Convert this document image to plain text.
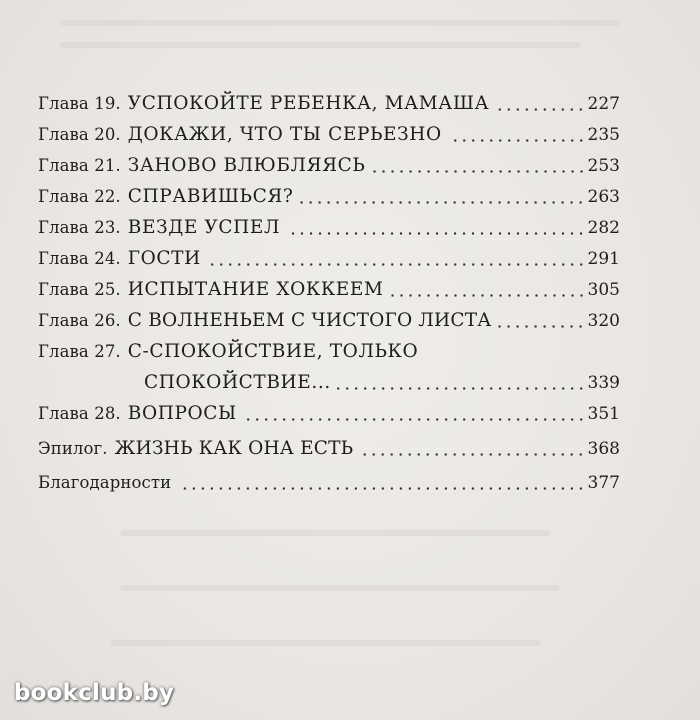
Глава 19. УСПОКОЙТЕ РЕБЕНКА, МАМАША	227
Глава 20. ДОКАЖИ, ЧТО ТЫ СЕРЬЕЗНО	235
Глава 21. ЗАНОВО ВЛЮБЛЯЯСЬ	253
Глава 22. СПРАВИШЬСЯ?	263
Глава 23. ВЕЗДЕ УСПЕЛ	282
Глава 24. ГОСТИ	291
Глава 25. ИСПЫТАНИЕ ХОККЕЕМ	305
Глава 26. С ВОЛНЕНЬЕМ С ЧИСТОГО ЛИСТА	320
Глава 27. С-СПОКОЙСТВИЕ, ТОЛЬКО
СПОКОЙСТВИЕ...	339
Глава 28. ВОПРОСЫ	351
Эпилог. ЖИЗНЬ КАК ОНА ЕСТЬ	368
Благодарности	377
bookclub.by
